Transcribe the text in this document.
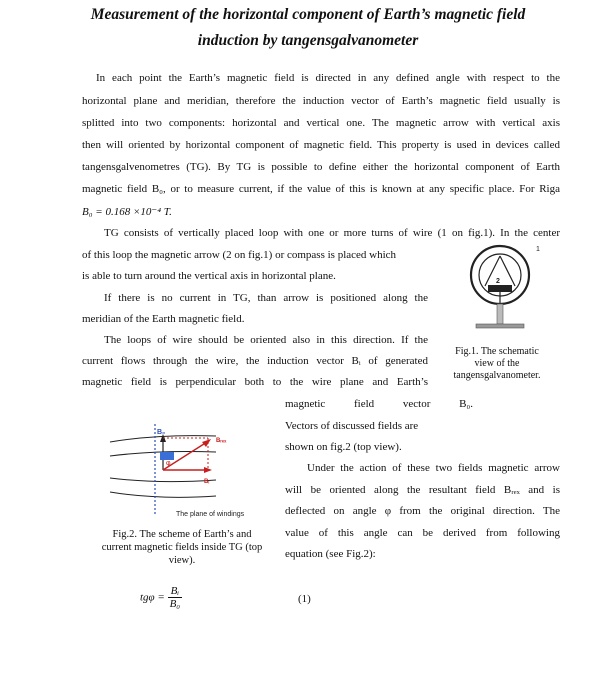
Measurement of the horizontal component of Earth’s magnetic field
induction by tangensgalvanometer
In each point the Earth’s magnetic field is directed in any defined angle with respect to the
horizontal plane and meridian, therefore the induction vector of Earth’s magnetic field usually is
splitted into two components: horizontal and vertical one. The magnetic arrow with vertical axis
then will oriented by horizontal component of magnetic field. This property is used in devices called
tangensgalvenometres (TG). By TG is possible to define either the horizontal component of Earth
magnetic field B₀, or to measure current, if the value of this is known at any specific place. For Riga
B₀ = 0.168 ×10⁻⁴ T.
TG consists of vertically placed loop with one or more turns of wire (1 on fig.1). In the center
of this loop the magnetic arrow (2 on fig.1) or compass is placed which
is able to turn around the vertical axis in horizontal plane.
If there is no current in TG, than arrow is positioned along the
meridian of the Earth magnetic field.
The loops of wire should be oriented also in this direction. If the
current flows through the wire, the induction vector Bᵢ of generated
magnetic field is perpendicular both to the wire plane and Earth’s
magnetic field vector B₀.
Vectors of discussed fields are
shown on fig.2 (top view).
Under the action of these two fields magnetic arrow
will be oriented along the resultant field Bᵣₑₓ and is
deflected on angle φ from the original direction. The
value of this angle can be derived from following
equation (see Fig.2):
1
2
Fig.1. The schematic
view of the
tangensgalvanometer.
B₀
Bᵣₑₓ
Bᵢ
φ
The plane of windings
Fig.2. The scheme of Earth’s and
current magnetic fields inside TG (top
view).
$tg\varphi = \frac{\text{Bᵢ}}{\text{B₀}}$	(1)
